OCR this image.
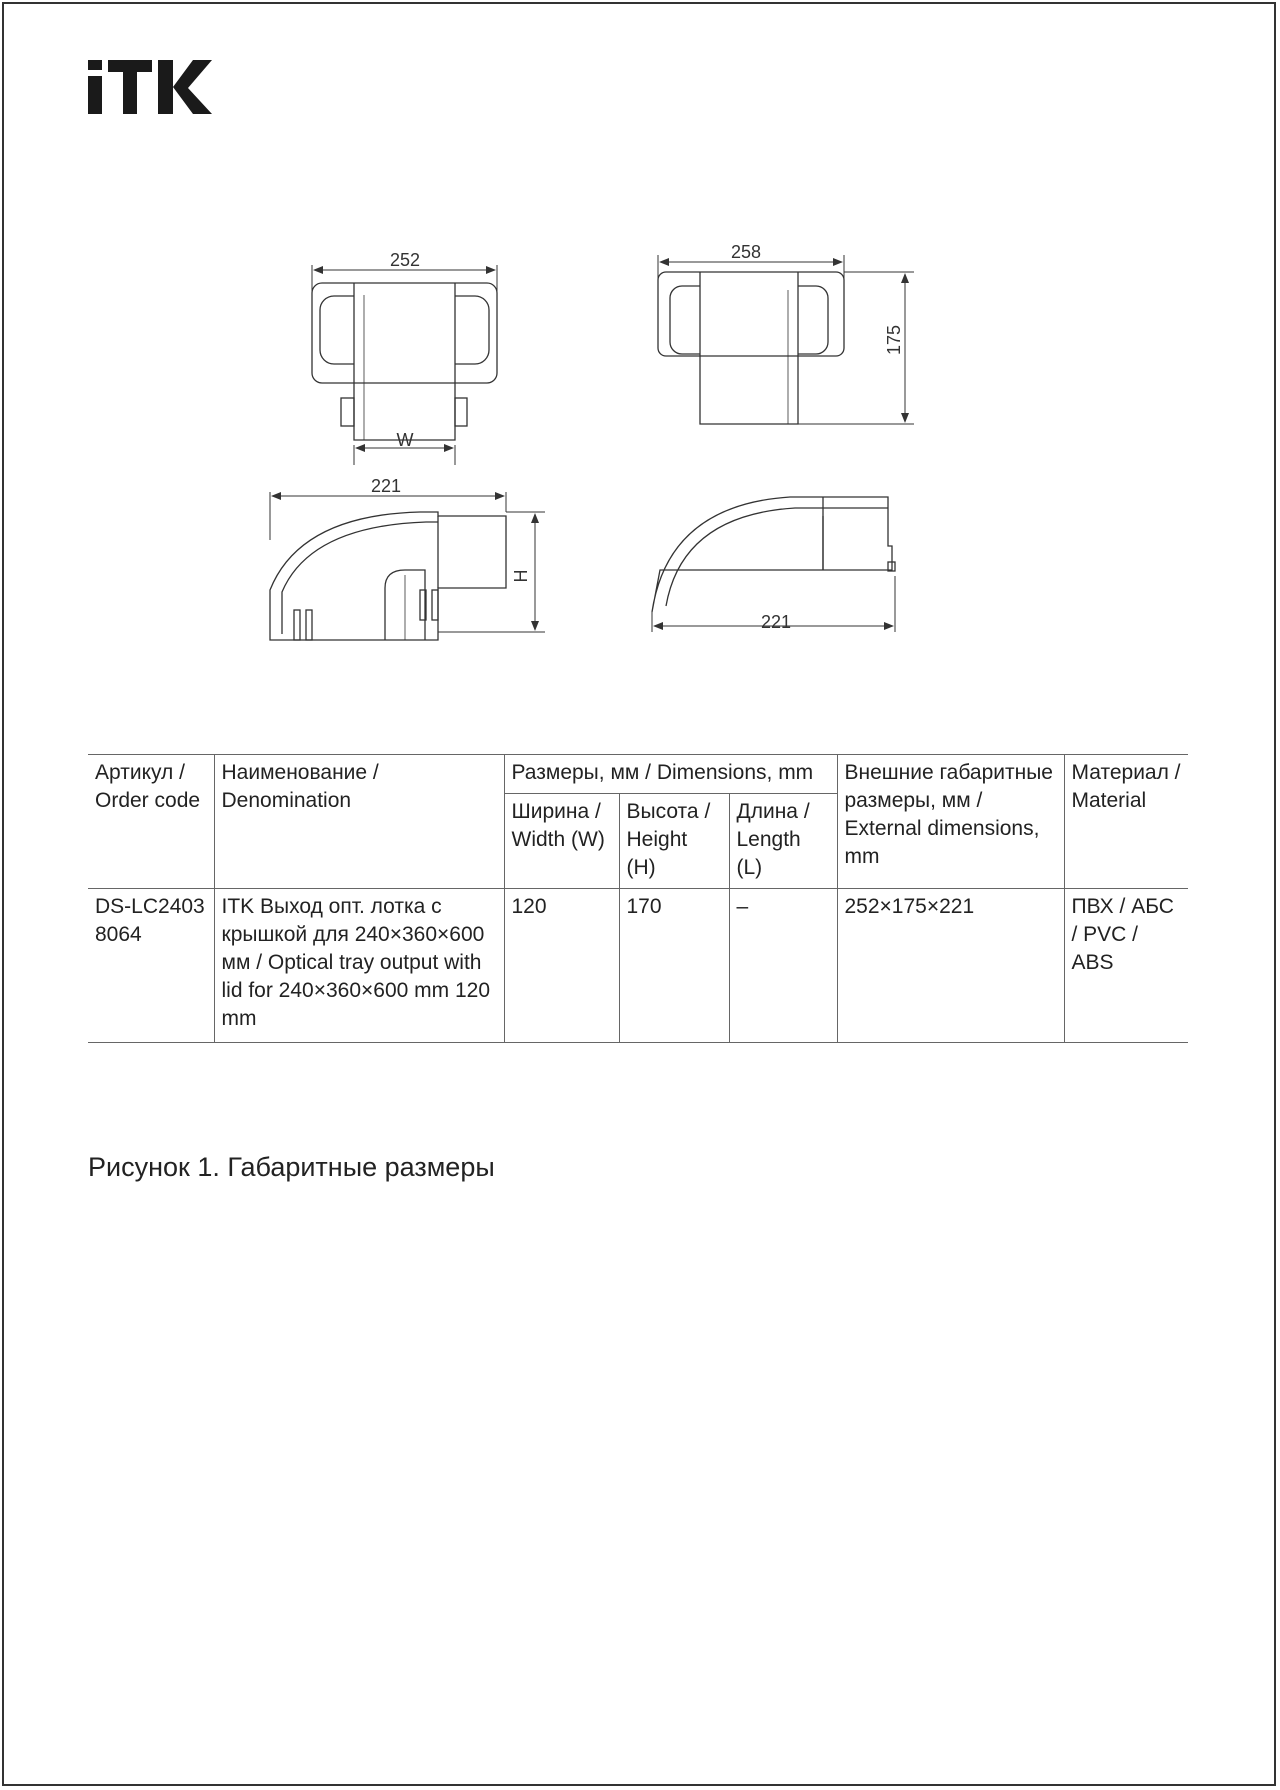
252
W
258
175
221
H
221
Артикул / Order code	Наименование / Denomination	Размеры, мм / Dimensions, mm			Внешние габаритные размеры, мм / External dimensions, mm	Материал / Material
		Ширина / Width (W)	Высота / Height (H)	Длина / Length (L)		
DS-LC24038064	ITK Выход опт. лотка с крышкой для 240×360×600 мм / Optical tray output with lid for 240×360×600 mm 120 mm	120	170	–	252×175×221	ПВХ / АБС / PVC / ABS
Рисунок 1. Габаритные размеры
